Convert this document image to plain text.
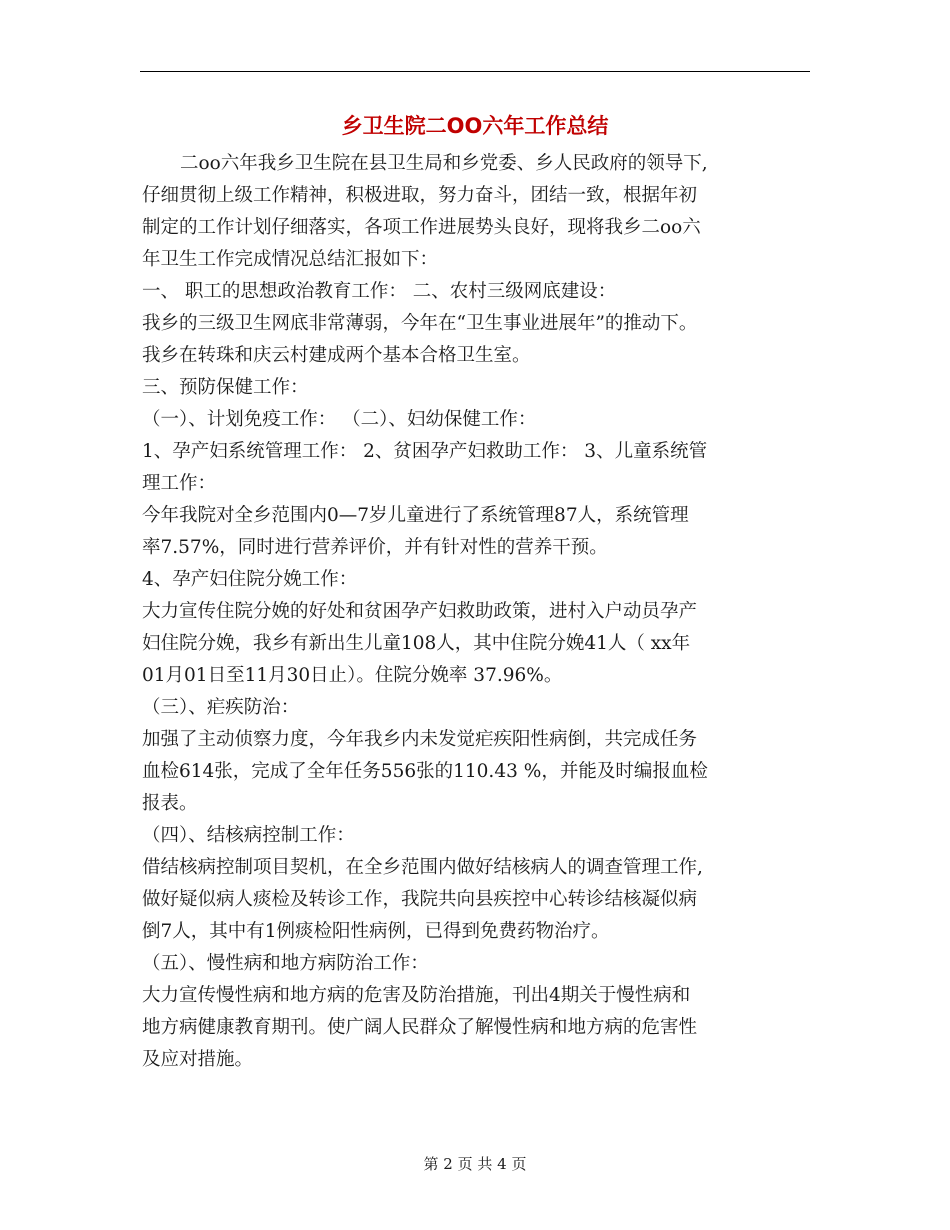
乡卫生院二OO六年工作总结
二oo六年我乡卫生院在县卫生局和乡党委、乡人民政府的领导下,
仔细贯彻上级工作精神，积极进取，努力奋斗，团结一致，根据年初
制定的工作计划仔细落实，各项工作进展势头良好，现将我乡二oo六
年卫生工作完成情况总结汇报如下：
一、 职工的思想政治教育工作： 二、农村三级网底建设：
我乡的三级卫生网底非常薄弱，今年在“卫生事业进展年”的推动下。
我乡在转珠和庆云村建成两个基本合格卫生室。
三、预防保健工作：
（一）、计划免疫工作： （二）、妇幼保健工作：
1、孕产妇系统管理工作： 2、贫困孕产妇救助工作： 3、儿童系统管
理工作：
今年我院对全乡范围内0—7岁儿童进行了系统管理87人，系统管理
率7.57%，同时进行营养评价，并有针对性的营养干预。
4、孕产妇住院分娩工作：
大力宣传住院分娩的好处和贫困孕产妇救助政策，进村入户动员孕产
妇住院分娩，我乡有新出生儿童108人，其中住院分娩41人（ xx年
01月01日至11月30日止）。住院分娩率 37.96%。
（三）、疟疾防治：
加强了主动侦察力度，今年我乡内未发觉疟疾阳性病倒，共完成任务
血检614张，完成了全年任务556张的110.43 %，并能及时编报血检
报表。
（四）、结核病控制工作：
借结核病控制项目契机，在全乡范围内做好结核病人的调查管理工作,
做好疑似病人痰检及转诊工作，我院共向县疾控中心转诊结核凝似病
倒7人，其中有1例痰检阳性病例，已得到免费药物治疗。
（五）、慢性病和地方病防治工作：
大力宣传慢性病和地方病的危害及防治措施，刊出4期关于慢性病和
地方病健康教育期刊。使广阔人民群众了解慢性病和地方病的危害性
及应对措施。
第 2 页 共 4 页
